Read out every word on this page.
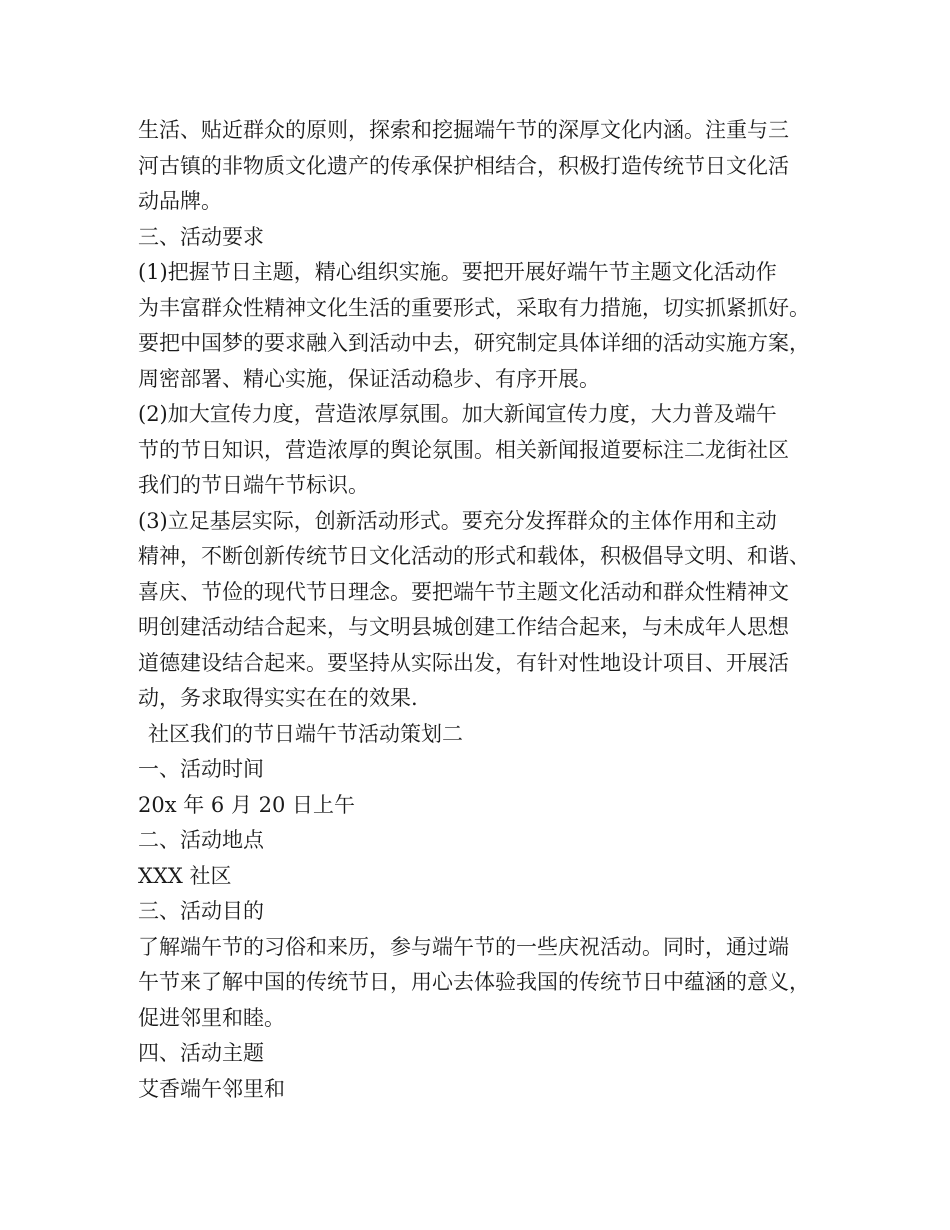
生活、贴近群众的原则，探索和挖掘端午节的深厚文化内涵。注重与三
河古镇的非物质文化遗产的传承保护相结合，积极打造传统节日文化活
动品牌。
三、活动要求
(1)把握节日主题，精心组织实施。要把开展好端午节主题文化活动作
为丰富群众性精神文化生活的重要形式，采取有力措施，切实抓紧抓好。
要把中国梦的要求融入到活动中去，研究制定具体详细的活动实施方案，
周密部署、精心实施，保证活动稳步、有序开展。
(2)加大宣传力度，营造浓厚氛围。加大新闻宣传力度，大力普及端午
节的节日知识，营造浓厚的舆论氛围。相关新闻报道要标注二龙街社区
我们的节日端午节标识。
(3)立足基层实际，创新活动形式。要充分发挥群众的主体作用和主动
精神，不断创新传统节日文化活动的形式和载体，积极倡导文明、和谐、
喜庆、节俭的现代节日理念。要把端午节主题文化活动和群众性精神文
明创建活动结合起来，与文明县城创建工作结合起来，与未成年人思想
道德建设结合起来。要坚持从实际出发，有针对性地设计项目、开展活
动，务求取得实实在在的效果.
社区我们的节日端午节活动策划二
一、活动时间
20x 年 6 月 20 日上午
二、活动地点
XXX 社区
三、活动目的
了解端午节的习俗和来历，参与端午节的一些庆祝活动。同时，通过端
午节来了解中国的传统节日，用心去体验我国的传统节日中蕴涵的意义，
促进邻里和睦。
四、活动主题
艾香端午邻里和
